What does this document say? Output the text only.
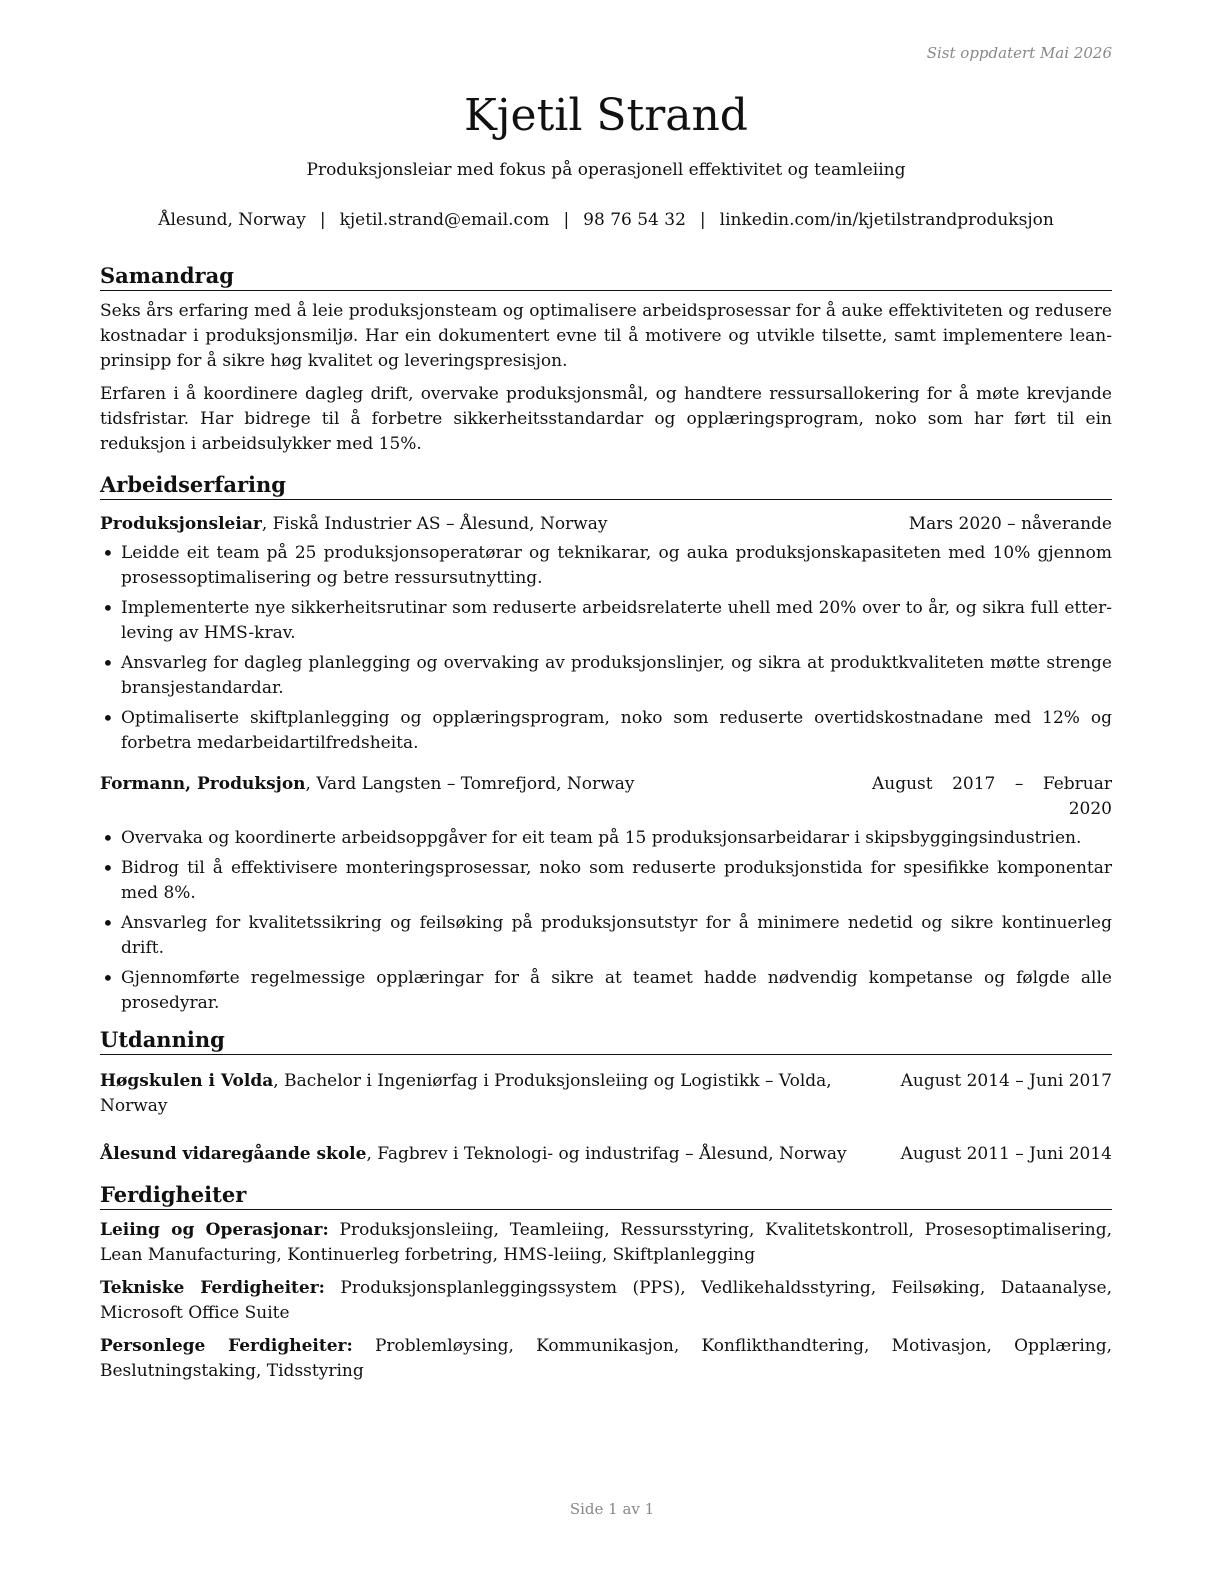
Sist oppdatert Mai 2026
Kjetil Strand
Produksjonsleiar med fokus på operasjonell effektivitet og teamleiing
Ålesund, Norway | kjetil.strand@email.com | 98 76 54 32 | linkedin.com/in/kjetilstrandproduksjon
Samandrag
Seks års erfaring med å leie produksjonsteam og optimalisere arbeidsprosessar for å auke effektiviteten og redusere kostnadar i produksjonsmiljø. Har ein dokumentert evne til å motivere og utvikle tilsette, samt implementere lean-prinsipp for å sikre høg kvalitet og leveringspresisjon.
Erfaren i å koordinere dagleg drift, overvake produksjonsmål, og handtere ressursallokering for å møte krevjande tidsfristar. Har bidrege til å forbetre sikkerheitsstandardar og opplæringsprogram, noko som har ført til ein reduksjon i arbeidsulykker med 15%.
Arbeidserfaring
Produksjonsleiar, Fiskå Industrier AS – Ålesund, Norway	Mars 2020 – nåverande
• Leidde eit team på 25 produksjonsoperatørar og teknikarar, og auka produksjonskapasiteten med 10% gjennom prosessoptimalisering og betre ressursutnytting.
• Implementerte nye sikkerheitsrutinar som reduserte arbeidsrelaterte uhell med 20% over to år, og sikra full etterleving av HMS-krav.
• Ansvarleg for dagleg planlegging og overvaking av produksjonslinjer, og sikra at produktkvaliteten møtte strenge bransjestandardar.
• Optimaliserte skiftplanlegging og opplæringsprogram, noko som reduserte overtidskostnadane med 12% og forbetra medarbeidartilfredsheita.
Formann, Produksjon, Vard Langsten – Tomrefjord, Norway	August 2017 – Februar 2020
• Overvaka og koordinerte arbeidsoppgåver for eit team på 15 produksjonsarbeidarar i skipsbyggingsindustrien.
• Bidrog til å effektivisere monteringsprosessar, noko som reduserte produksjonstida for spesifikke komponentar med 8%.
• Ansvarleg for kvalitetssikring og feilsøking på produksjonsutstyr for å minimere nedetid og sikre kontinuerleg drift.
• Gjennomførte regelmessige opplæringar for å sikre at teamet hadde nødvendig kompetanse og følgde alle prosedyrar.
Utdanning
Høgskulen i Volda, Bachelor i Ingeniørfag i Produksjonsleiing og Logistikk – Volda, Norway
August 2014 – Juni 2017
Ålesund vidaregåande skole, Fagbrev i Teknologi- og industrifag – Ålesund, Norway	August 2011 – Juni 2014
Ferdigheiter
Leiing og Operasjonar: Produksjonsleiing, Teamleiing, Ressursstyring, Kvalitetskontroll, Prosesoptimalisering, Lean Manufacturing, Kontinuerleg forbetring, HMS-leiing, Skiftplanlegging
Tekniske Ferdigheiter: Produksjonsplanleggingssystem (PPS), Vedlikehaldsstyring, Feilsøking, Dataanalyse, Microsoft Office Suite
Personlege Ferdigheiter: Problemløysing, Kommunikasjon, Konflikthandtering, Motivasjon, Opplæring, Beslutningstaking, Tidsstyring
Side 1 av 1
